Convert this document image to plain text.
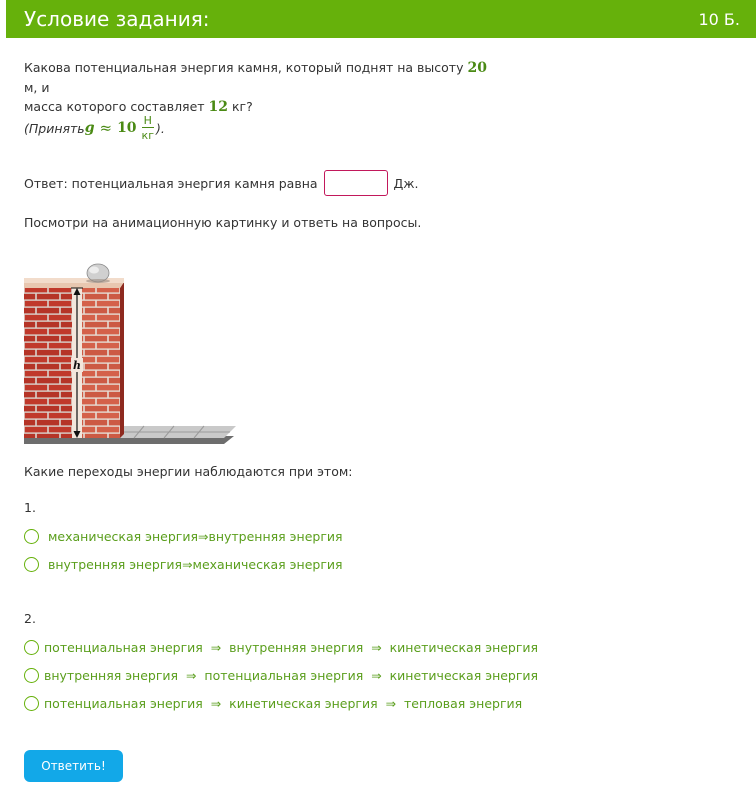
Условие задания:	10 Б.
Какова потенциальная энергия камня, который поднят на высоту 20 м, и
масса которого составляет 12 кг?
(Принять $g \approx 10 \frac{Н}{кг}$ ).
Ответ: потенциальная энергия камня равна	Дж.
Посмотри на анимационную картинку и ответь на вопросы.
h
Какие переходы энергии наблюдаются при этом:
1.
механическая энергия⇒внутренняя энергия
внутренняя энергия⇒механическая энергия
2.
потенциальная энергия  ⇒  внутренняя энергия  ⇒  кинетическая энергия
внутренняя энергия  ⇒  потенциальная энергия  ⇒  кинетическая энергия
потенциальная энергия  ⇒  кинетическая энергия  ⇒  тепловая энергия
Ответить!
